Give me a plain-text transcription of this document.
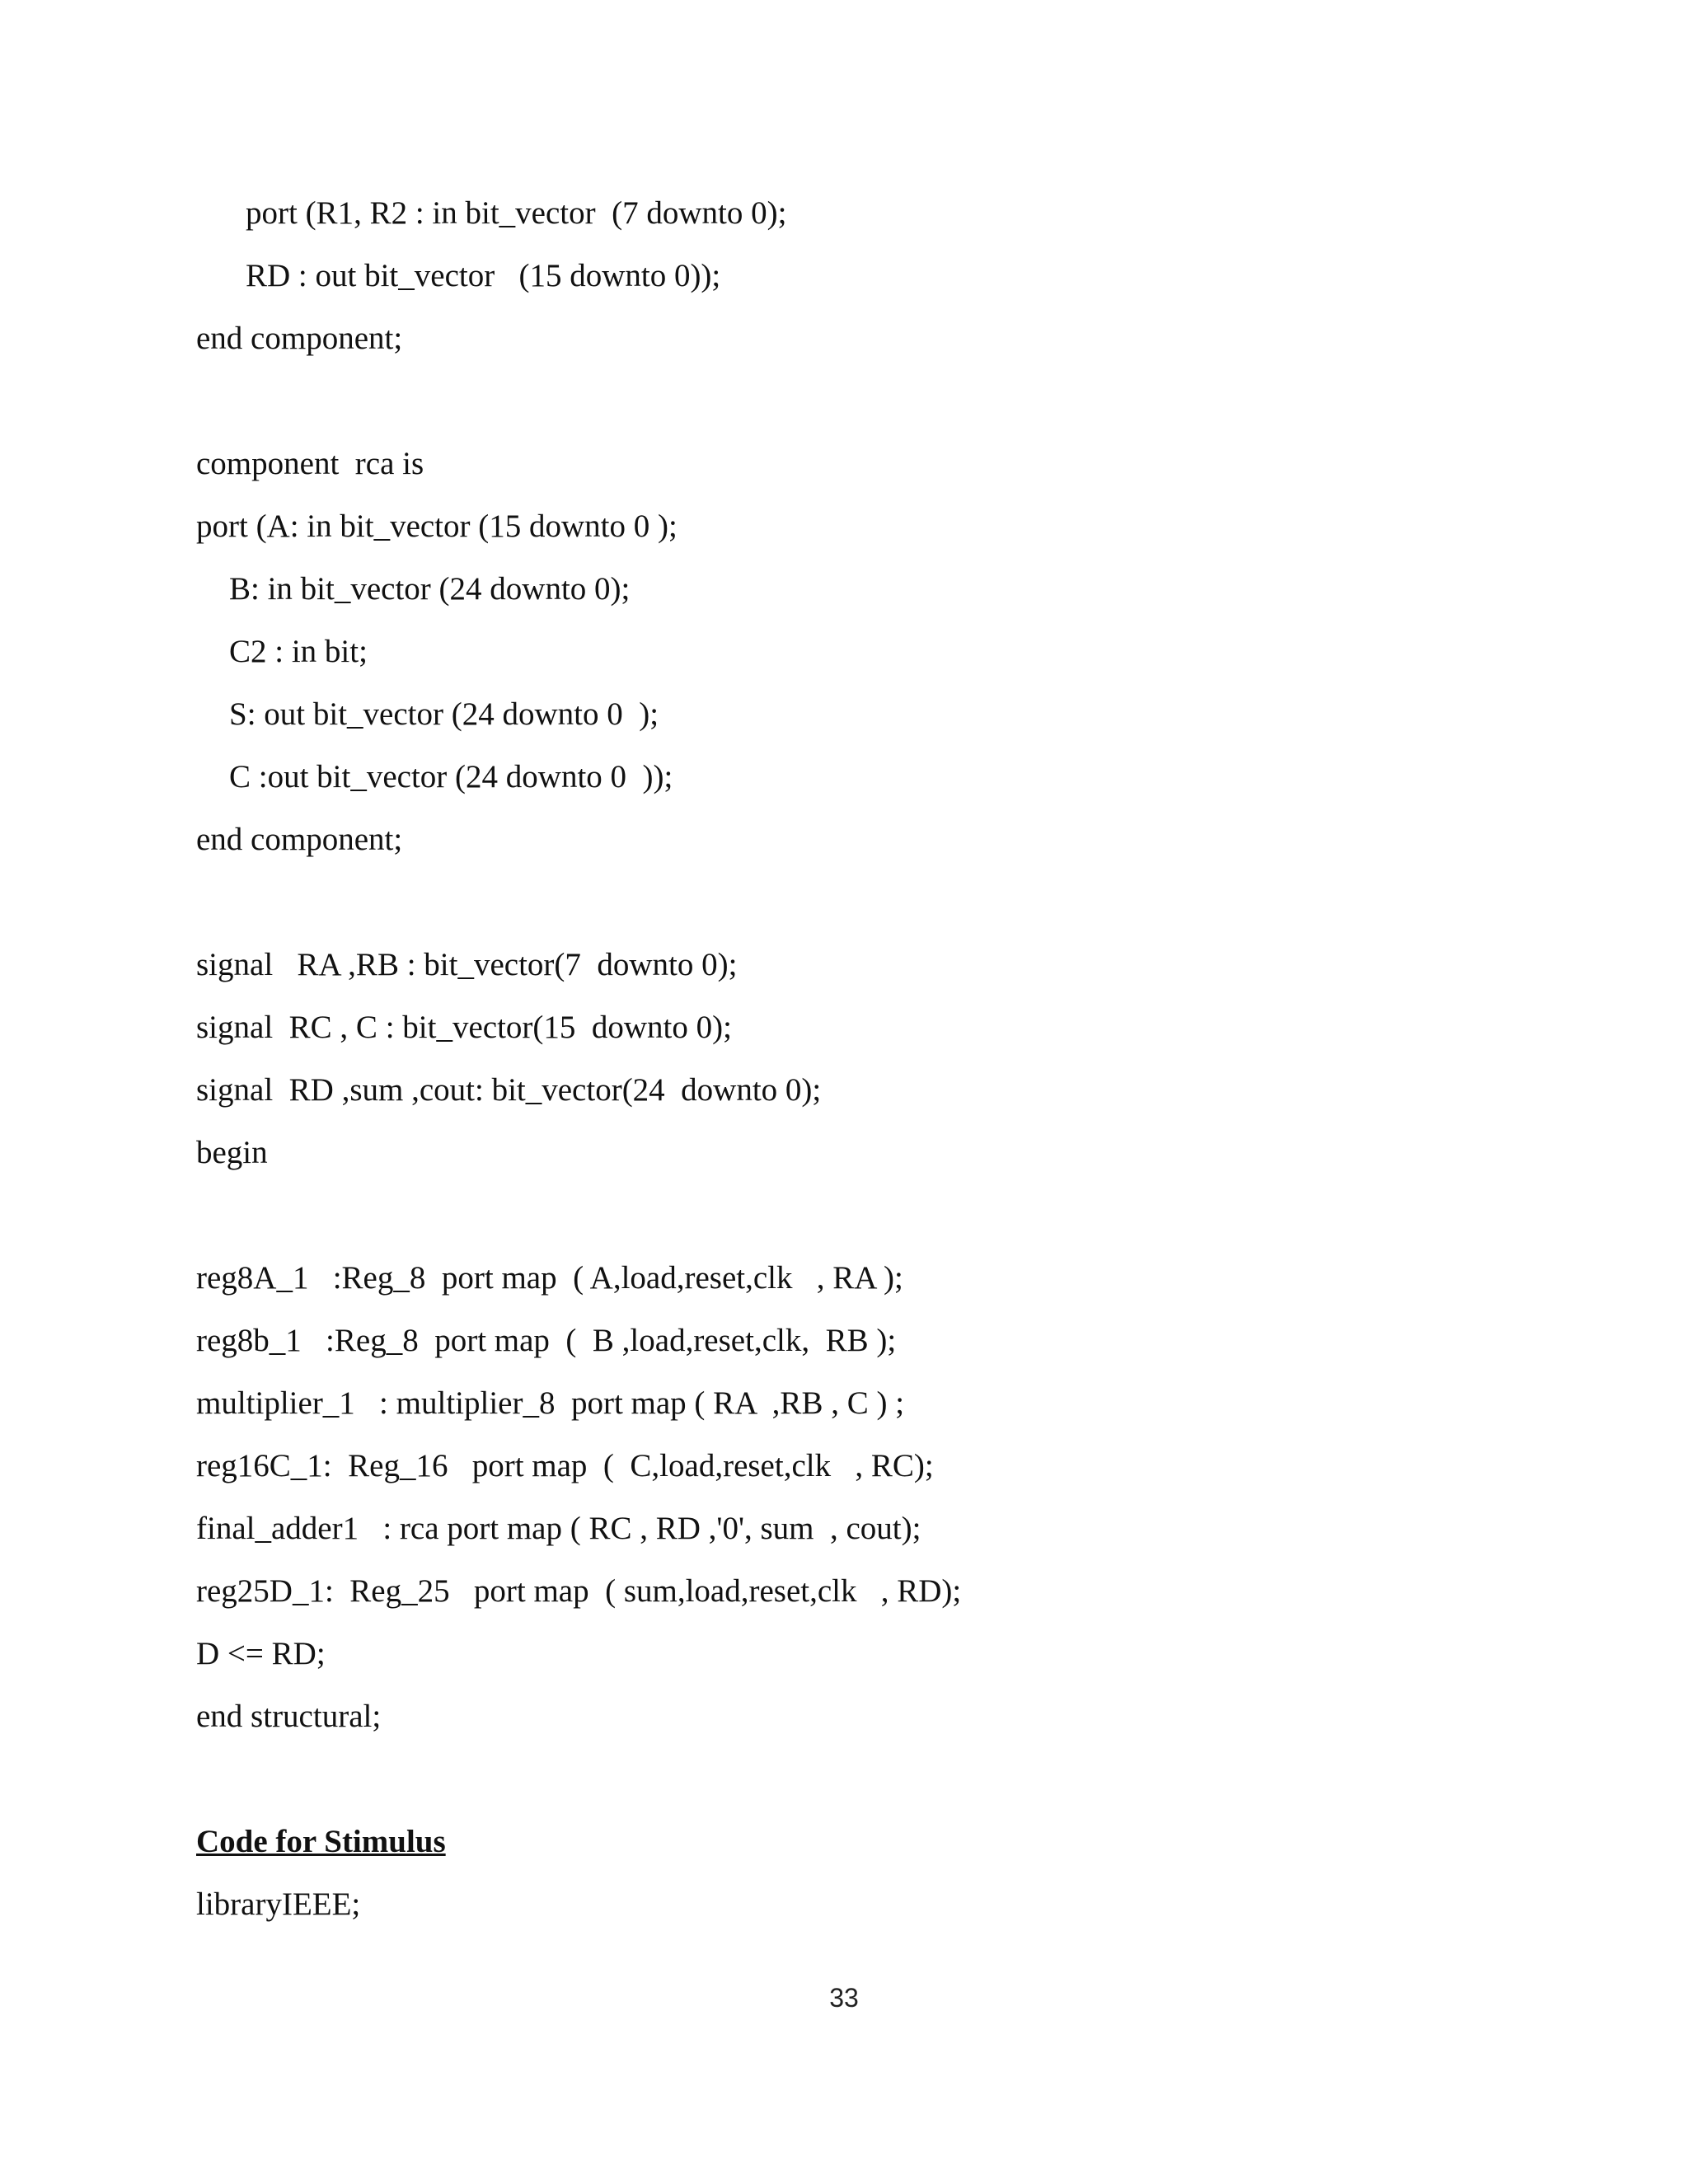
port (R1, R2 : in bit_vector  (7 downto 0);
RD : out bit_vector   (15 downto 0));
end component;
component  rca is
port (A: in bit_vector (15 downto 0 );
B: in bit_vector (24 downto 0);
C2 : in bit;
S: out bit_vector (24 downto 0  );
C :out bit_vector (24 downto 0  ));
end component;
signal   RA ,RB : bit_vector(7  downto 0);
signal  RC , C : bit_vector(15  downto 0);
signal  RD ,sum ,cout: bit_vector(24  downto 0);
begin
reg8A_1   :Reg_8  port map  ( A,load,reset,clk   , RA );
reg8b_1   :Reg_8  port map  (  B ,load,reset,clk,  RB );
multiplier_1   : multiplier_8  port map ( RA  ,RB , C ) ;
reg16C_1:  Reg_16   port map  (  C,load,reset,clk   , RC);
final_adder1   : rca port map ( RC , RD ,'0', sum  , cout);
reg25D_1:  Reg_25   port map  ( sum,load,reset,clk   , RD);
D <= RD;
end structural;
Code for Stimulus
libraryIEEE;
33
